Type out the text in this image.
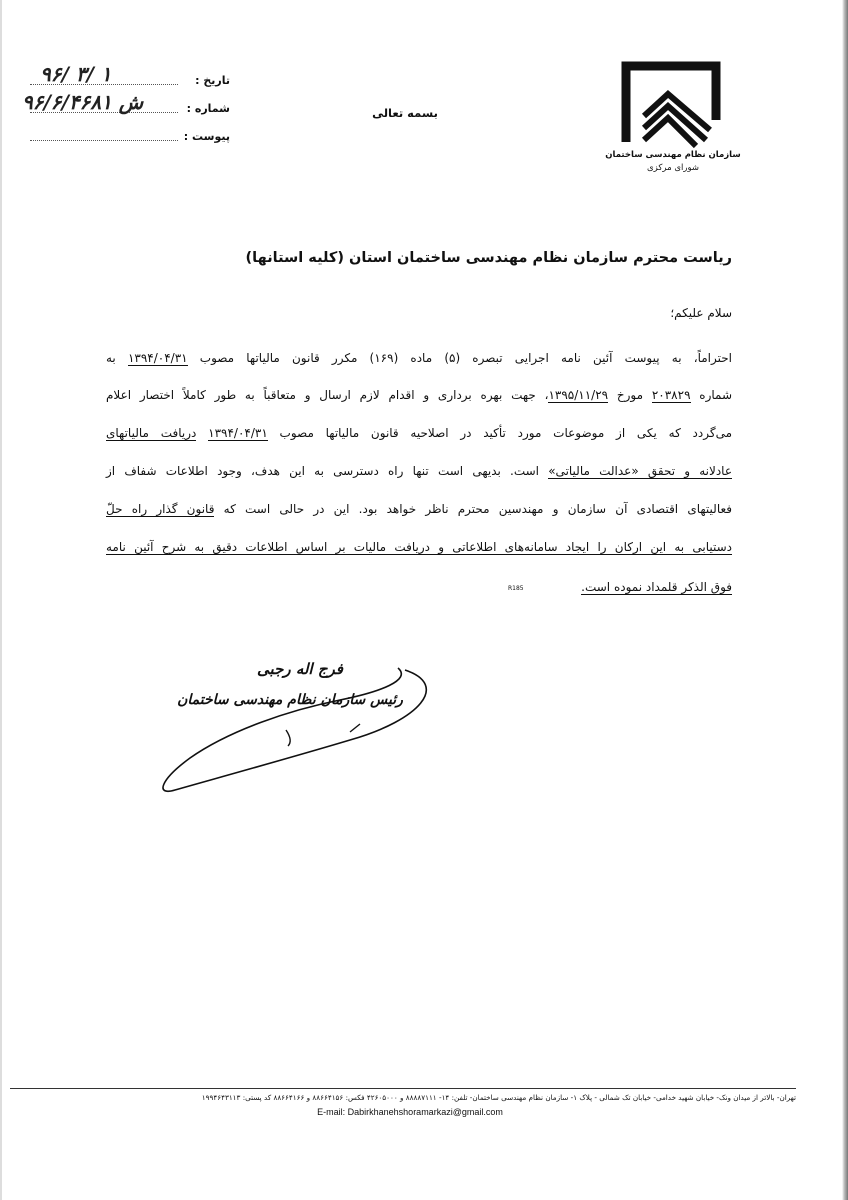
سازمان نظام مهندسی ساختمان
شورای مرکزی
بسمه تعالی
تاریخ :
۹۶/ ۳/ ۱
شماره :
۹۶/۶/۴۶۸۱ ش
پیوست :
ریاست محترم سازمان نظام مهندسی ساختمان استان (کلیه استانها)
سلام علیکم؛
احتراماً، به پیوست آئین نامه اجرایی تبصره (۵) ماده (۱۶۹) مکرر قانون مالیاتها مصوب ۱۳۹۴/۰۴/۳۱ به
شماره ۲۰۳۸۲۹ مورخ ۱۳۹۵/۱۱/۲۹، جهت بهره برداری و اقدام لازم ارسال و متعاقباً به طور کاملاً اختصار اعلام
می‌گردد که یکی از موضوعات مورد تأکید در اصلاحیه قانون مالیاتها مصوب ۱۳۹۴/۰۴/۳۱ دریافت مالیاتهای
عادلانه و تحقق «عدالت مالیاتی» است. بدیهی است تنها راه دسترسی به این هدف، وجود اطلاعات شفاف از
فعالیتهای اقتصادی آن سازمان و مهندسین محترم ناظر خواهد بود. این در حالی است که قانون گذار راه حلّ
دستیابی به این ارکان را ایجاد سامانه‌های اطلاعاتی و دریافت مالیات بر اساس اطلاعات دقیق به شرح آئین نامه
فوق الذکر قلمداد نموده است.
R185
فرج اله رجبی
رئیس سازمان نظام مهندسی ساختمان
تهران- بالاتر از میدان ونک- خیابان شهید خدامی- خیابان تک شمالی - پلاک ۱- سازمان نظام مهندسی ساختمان- تلفن: ۱۴- ۸۸۸۸۷۱۱۱ و ۴۲۶۰۵۰۰۰ فکس: ۸۸۶۶۴۱۵۶ و ۸۸۶۶۴۱۶۶ کد پستی: ۱۹۹۴۶۴۳۱۱۳
E-mail: Dabirkhanehshoramarkazi@gmail.com
